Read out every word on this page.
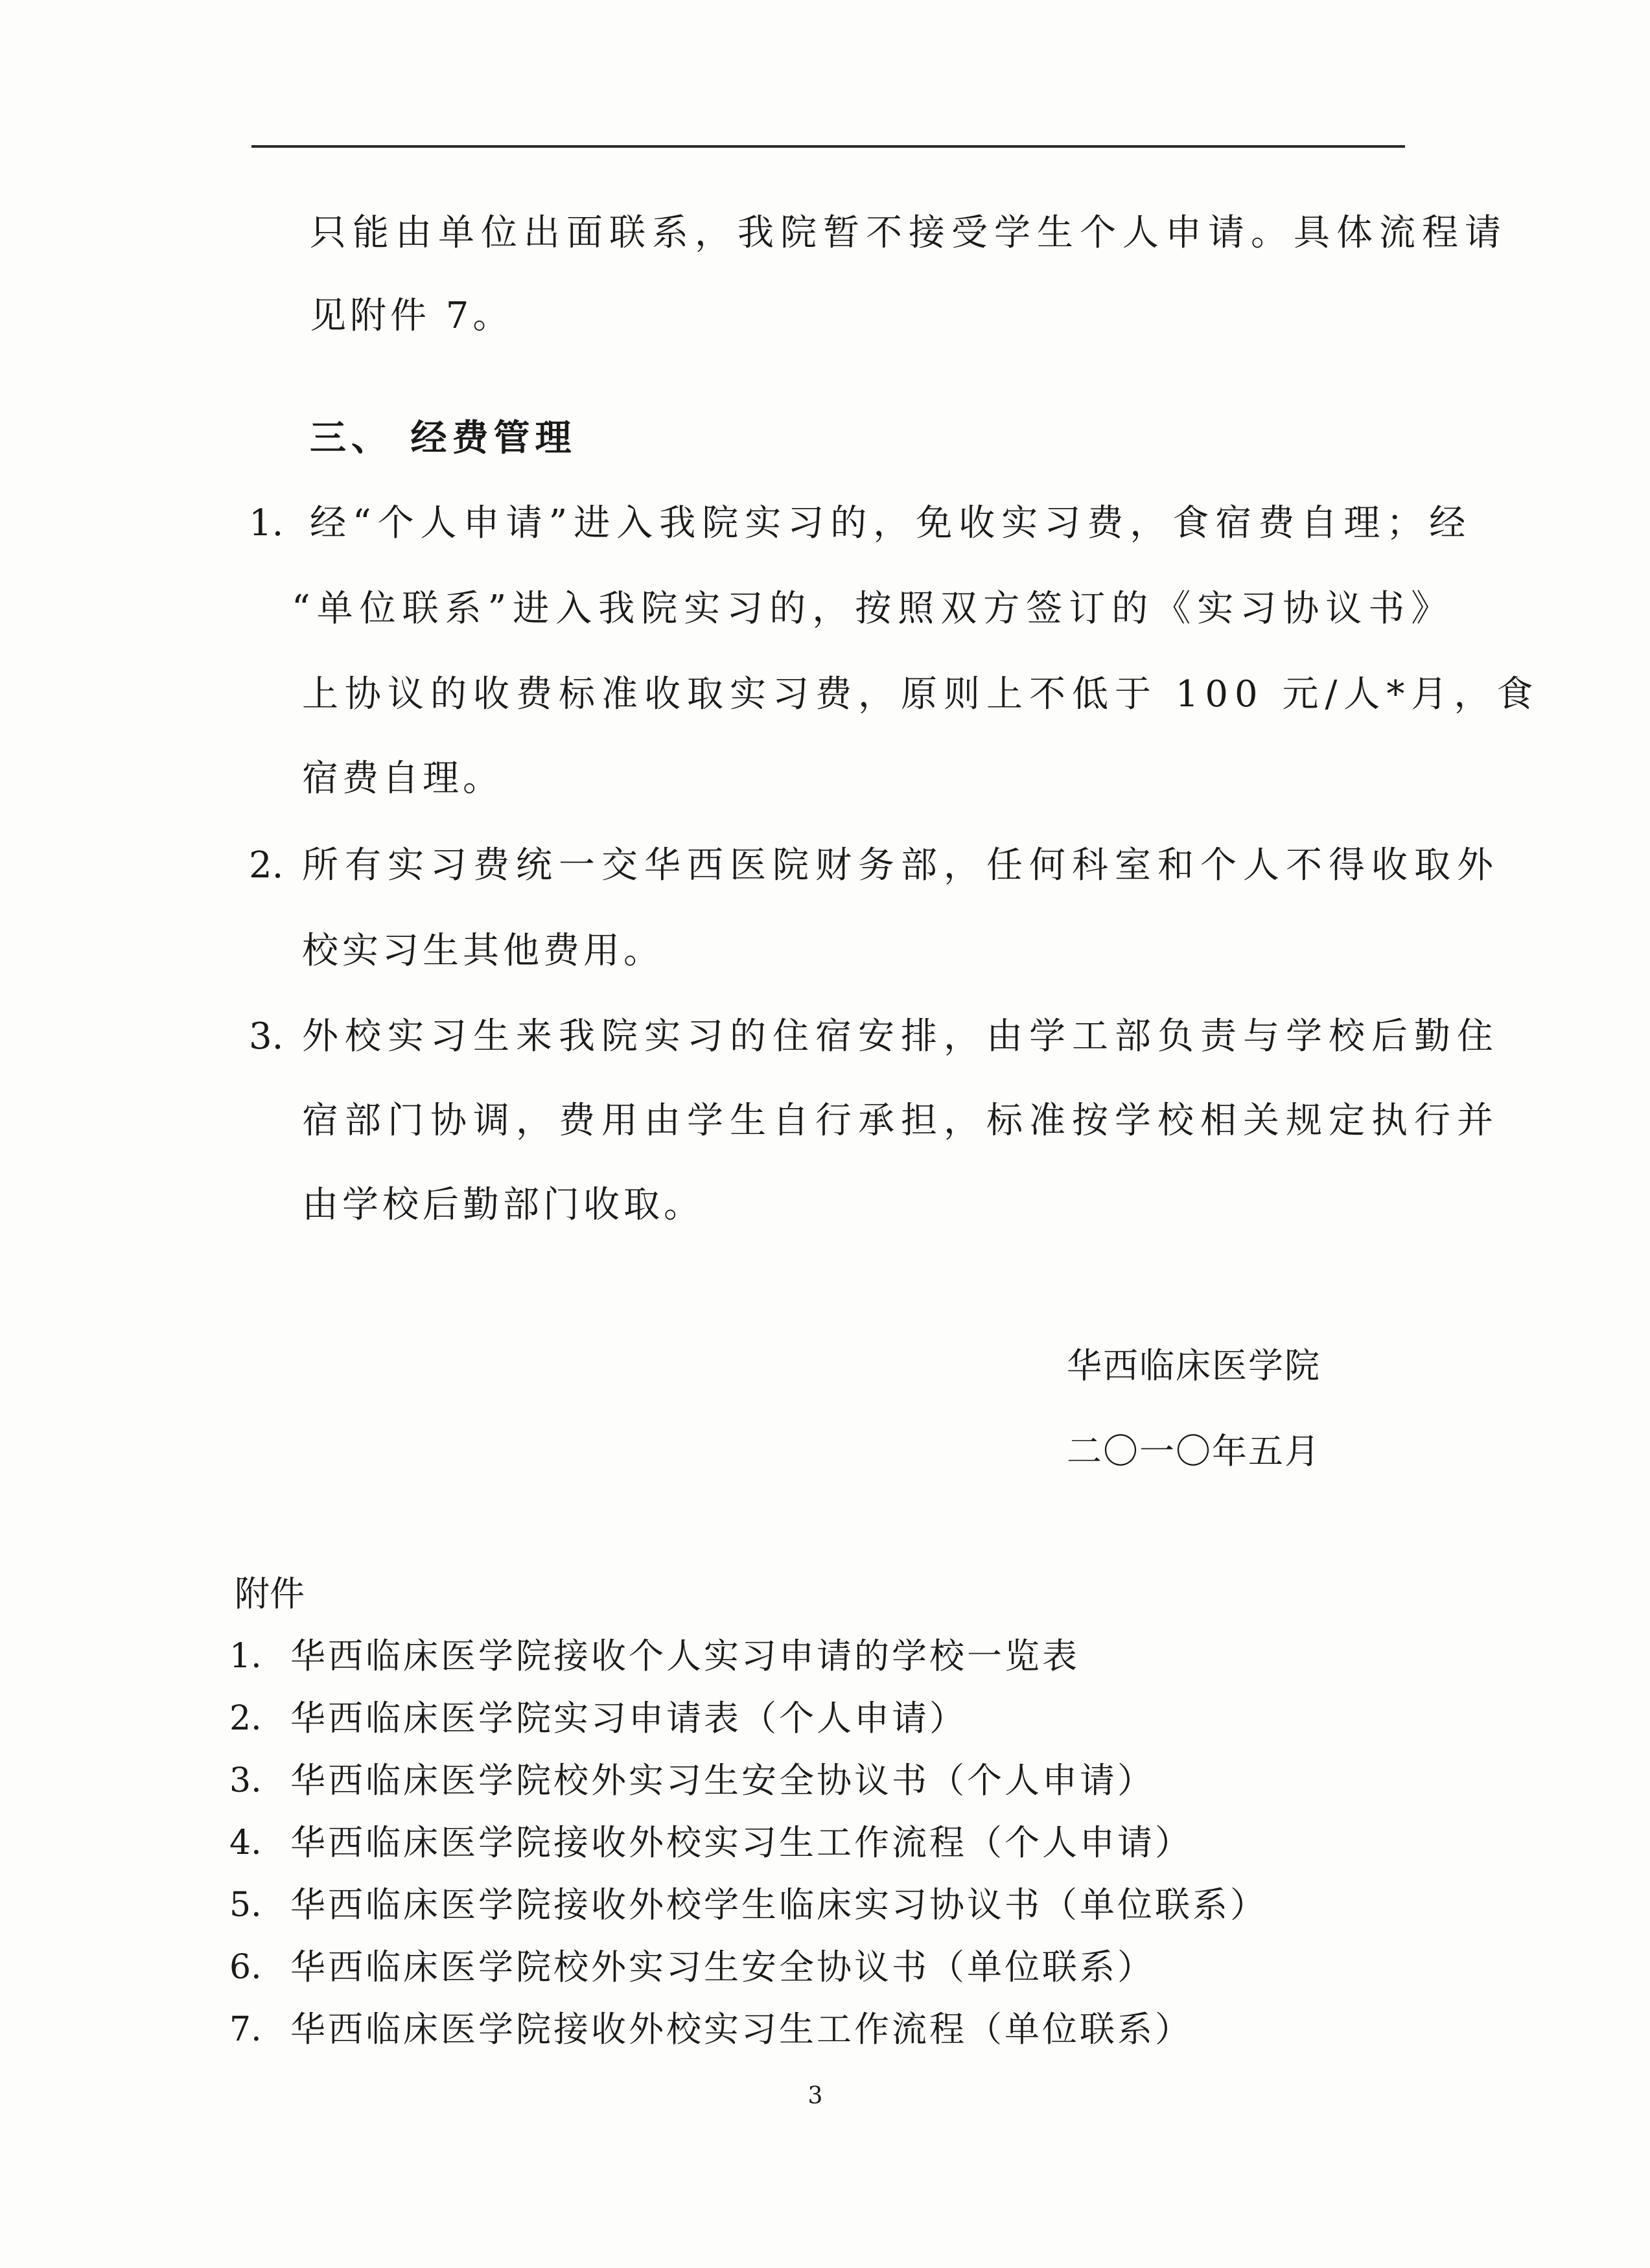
只能由单位出面联系，我院暂不接受学生个人申请。具体流程请
见附件 7。
三、 经费管理
1. 经“个人申请”进入我院实习的，免收实习费，食宿费自理；经
“单位联系”进入我院实习的，按照双方签订的《实习协议书》
上协议的收费标准收取实习费，原则上不低于 100 元/人*月，食
宿费自理。
2. 所有实习费统一交华西医院财务部，任何科室和个人不得收取外
校实习生其他费用。
3. 外校实习生来我院实习的住宿安排，由学工部负责与学校后勤住
宿部门协调，费用由学生自行承担，标准按学校相关规定执行并
由学校后勤部门收取。
华西临床医学院
二〇一〇年五月
附件
1. 华西临床医学院接收个人实习申请的学校一览表
2. 华西临床医学院实习申请表（个人申请）
3. 华西临床医学院校外实习生安全协议书（个人申请）
4. 华西临床医学院接收外校实习生工作流程（个人申请）
5. 华西临床医学院接收外校学生临床实习协议书（单位联系）
6. 华西临床医学院校外实习生安全协议书（单位联系）
7. 华西临床医学院接收外校实习生工作流程（单位联系）
3
